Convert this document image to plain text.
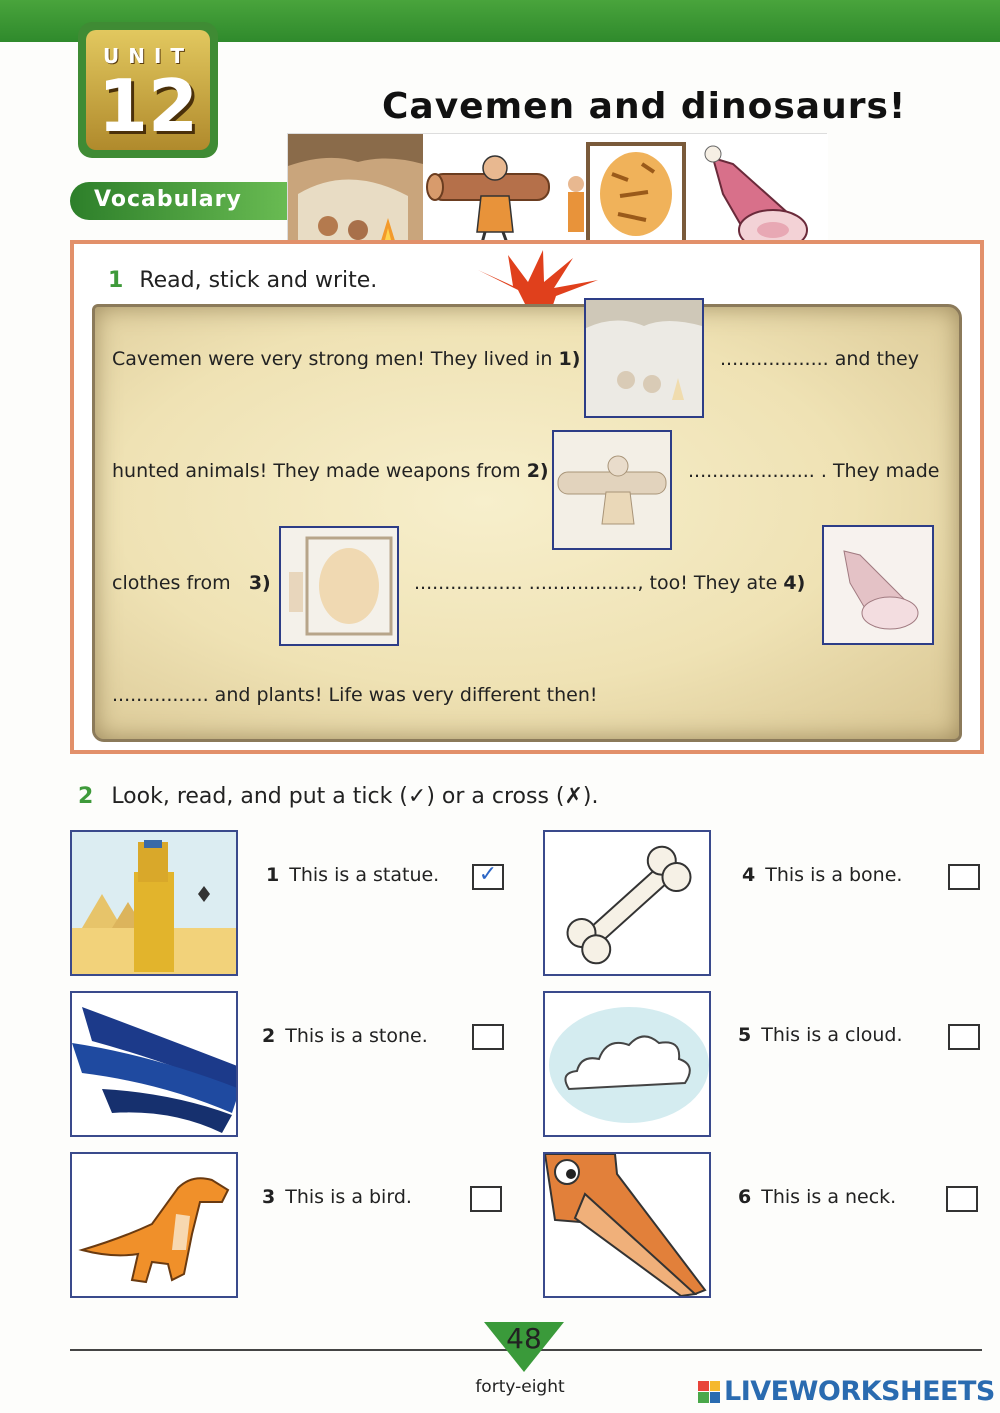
UNIT
12	Cavemen and dinosaurs!
Vocabulary
1 Read, stick and write.
Cavemen were very strong men! They lived in 1)	.................. and they
hunted animals! They made weapons from 2)	..................... . They made
clothes from 3)	.................. .................., too! They ate 4)
................ and plants! Life was very different then!
2 Look, read, and put a tick (✓) or a cross (✗).
1 This is a statue. ✓
2 This is a stone.
3 This is a bird.
4 This is a bone.
5 This is a cloud.
6 This is a neck.
48
forty-eight	LIVEWORKSHEETS
